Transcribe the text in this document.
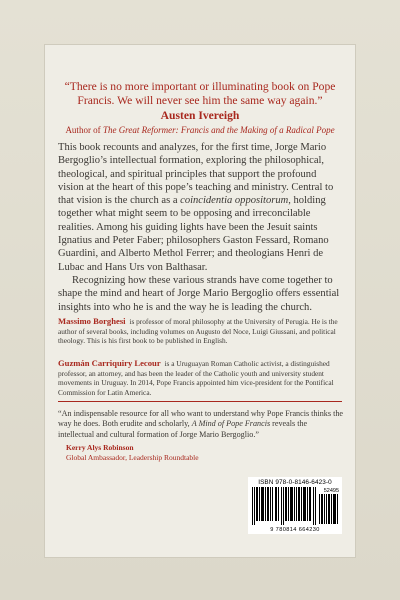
“There is no more important or illuminating book on Pope Francis. We will never see him the same way again.”
Austen Ivereigh
Author of The Great Reformer: Francis and the Making of a Radical Pope

This book recounts and analyzes, for the first time, Jorge Mario Bergoglio’s intellectual formation, exploring the philosophical, theological, and spiritual principles that support the profound vision at the heart of this pope’s teaching and ministry. Central to that vision is the church as a coincidentia oppositorum, holding together what might seem to be opposing and irreconcilable realities. Among his guiding lights have been the Jesuit saints Ignatius and Peter Faber; philosophers Gaston Fessard, Romano Guardini, and Alberto Methol Ferrer; and theologians Henri de Lubac and Hans Urs von Balthasar.

Recognizing how these various strands have come together to shape the mind and heart of Jorge Mario Bergoglio offers essential insights into who he is and the way he is leading the church.

Massimo Borghesi is professor of moral philosophy at the University of Perugia. He is the author of several books, including volumes on Augusto del Noce, Luigi Giussani, and political theology. This is his first book to be published in English.
Guzmán Carriquiry Lecour is a Uruguayan Roman Catholic activist, a distinguished professor, an attorney, and has been the leader of the Catholic youth and university student movements in Uruguay. In 2014, Pope Francis appointed him vice-president for the Pontifical Commission for Latin America.
“An indispensable resource for all who want to understand why Pope Francis thinks the way he does. Both erudite and scholarly, A Mind of Pope Francis reveals the intellectual and cultural formation of Jorge Mario Bergoglio.”
Kerry Alys Robinson
Global Ambassador, Leadership Roundtable
ISBN 978-0-8146-6423-0
52495
9 780814 664230
